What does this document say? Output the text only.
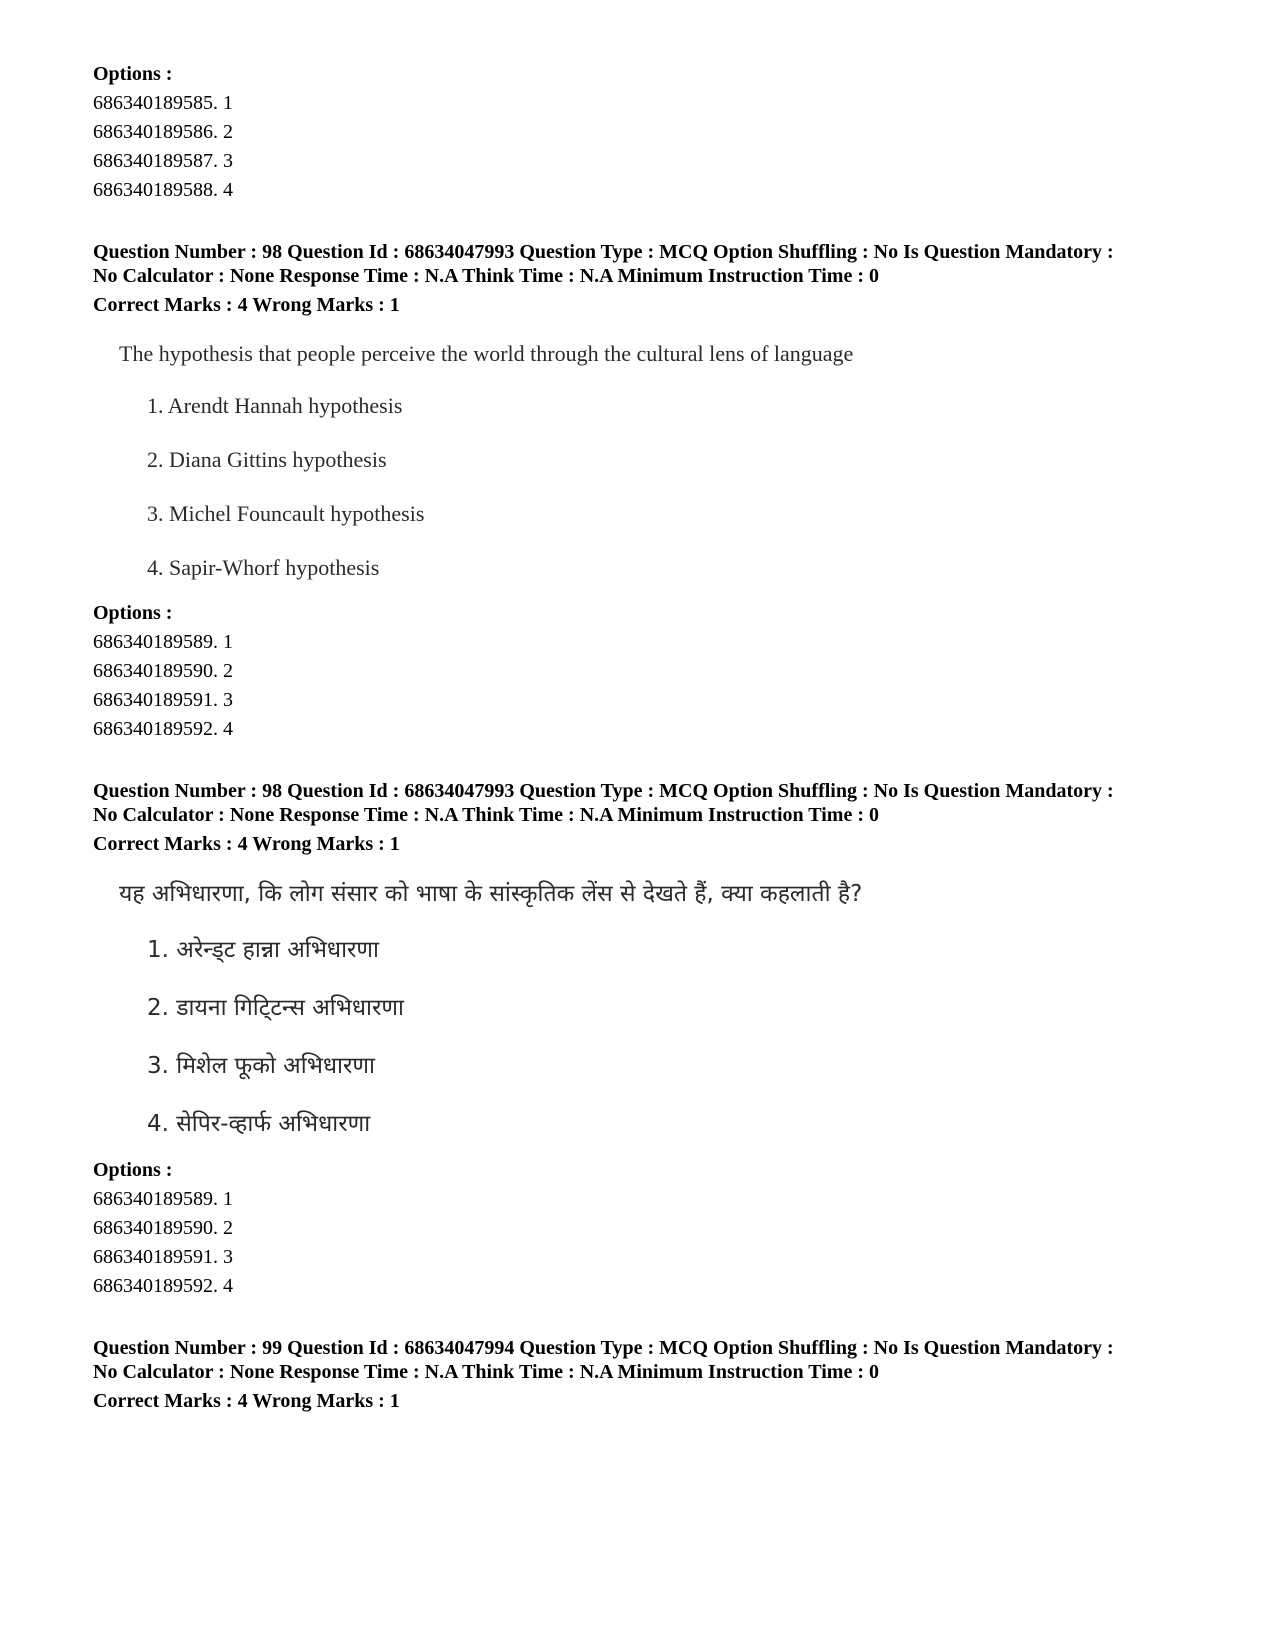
Options :
686340189585. 1
686340189586. 2
686340189587. 3
686340189588. 4
Question Number : 98 Question Id : 68634047993 Question Type : MCQ Option Shuffling : No Is Question Mandatory :
No Calculator : None Response Time : N.A Think Time : N.A Minimum Instruction Time : 0
Correct Marks : 4 Wrong Marks : 1
The hypothesis that people perceive the world through the cultural lens of language
1. Arendt Hannah hypothesis
2. Diana Gittins hypothesis
3. Michel Founcault hypothesis
4. Sapir-Whorf hypothesis
Options :
686340189589. 1
686340189590. 2
686340189591. 3
686340189592. 4
Question Number : 98 Question Id : 68634047993 Question Type : MCQ Option Shuffling : No Is Question Mandatory :
No Calculator : None Response Time : N.A Think Time : N.A Minimum Instruction Time : 0
Correct Marks : 4 Wrong Marks : 1
यह अभिधारणा, कि लोग संसार को भाषा के सांस्कृतिक लेंस से देखते हैं, क्या कहलाती है?
1. अरेन्ड्ट हान्ना अभिधारणा
2. डायना गिटि्टन्स अभिधारणा
3. मिशेल फूको अभिधारणा
4. सेपिर-व्हार्फ अभिधारणा
Options :
686340189589. 1
686340189590. 2
686340189591. 3
686340189592. 4
Question Number : 99 Question Id : 68634047994 Question Type : MCQ Option Shuffling : No Is Question Mandatory :
No Calculator : None Response Time : N.A Think Time : N.A Minimum Instruction Time : 0
Correct Marks : 4 Wrong Marks : 1
